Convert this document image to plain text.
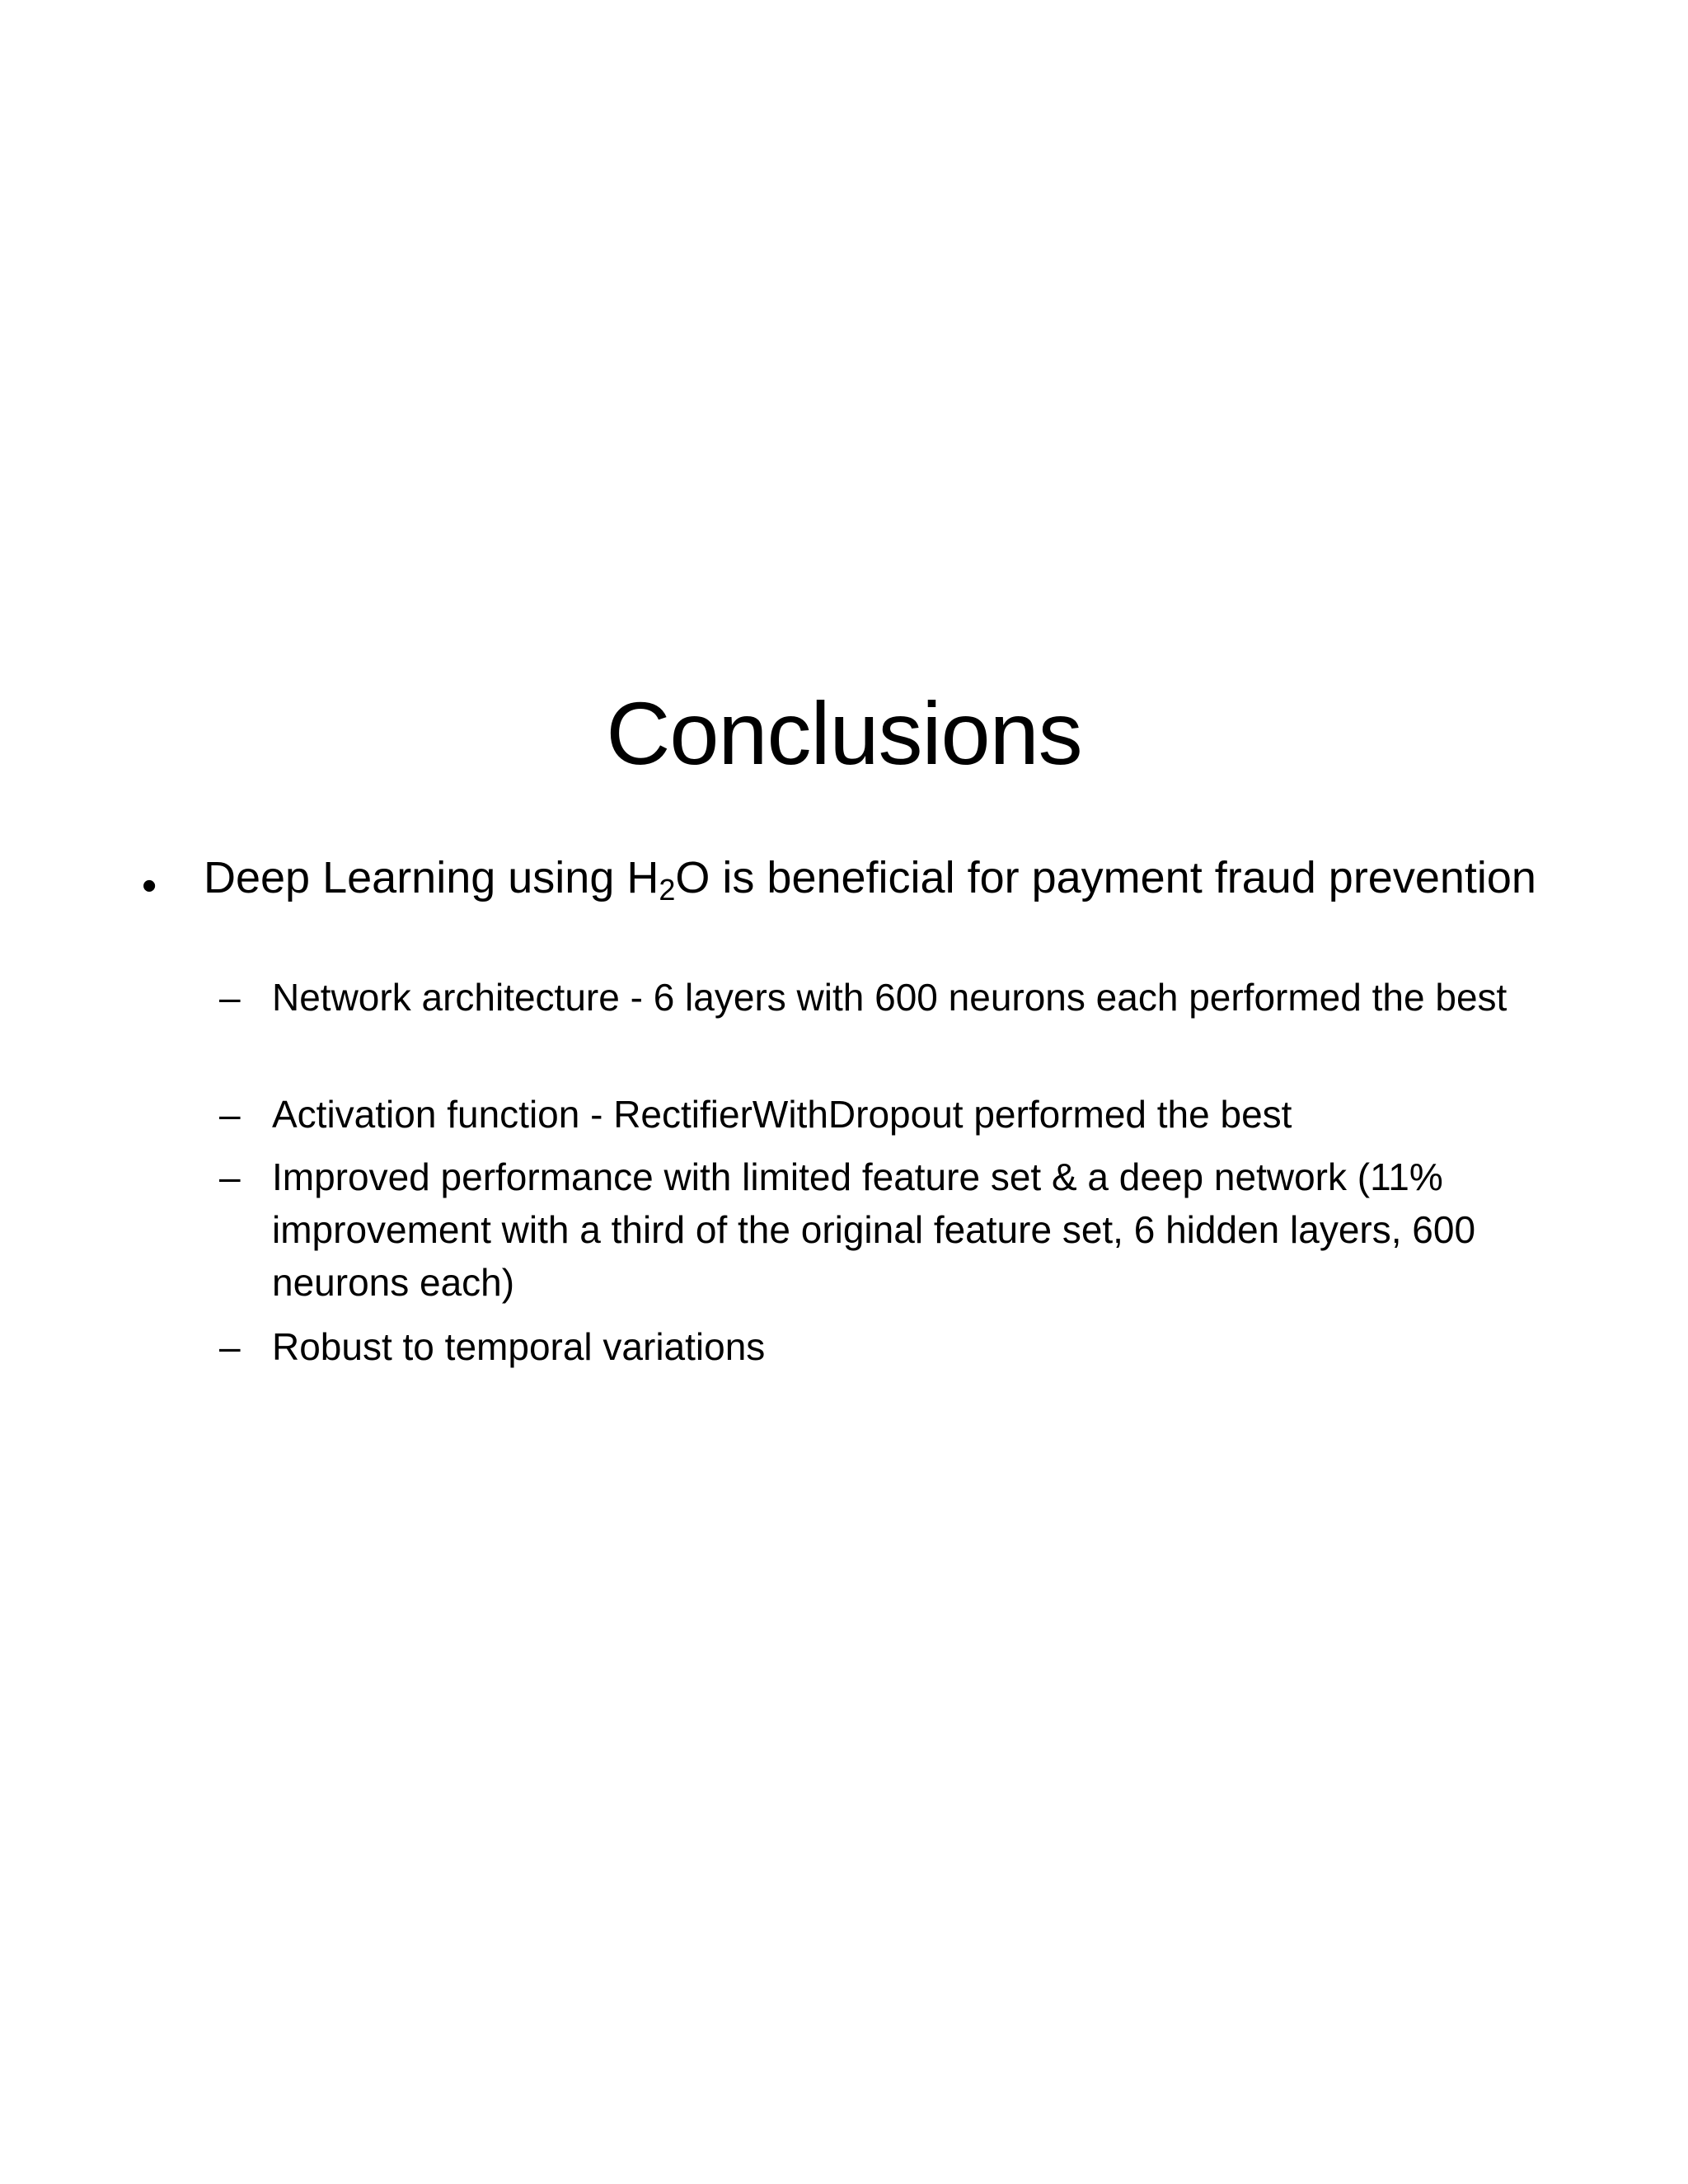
Conclusions
• Deep Learning using $H_2O$ is beneficial for payment fraud prevention
– Network architecture - 6 layers with 600 neurons each performed the best
– Activation function - RectifierWithDropout performed the best
– Improved performance with limited feature set & a deep network (11% improvement with a third of the original feature set, 6 hidden layers, 600 neurons each)
– Robust to temporal variations
